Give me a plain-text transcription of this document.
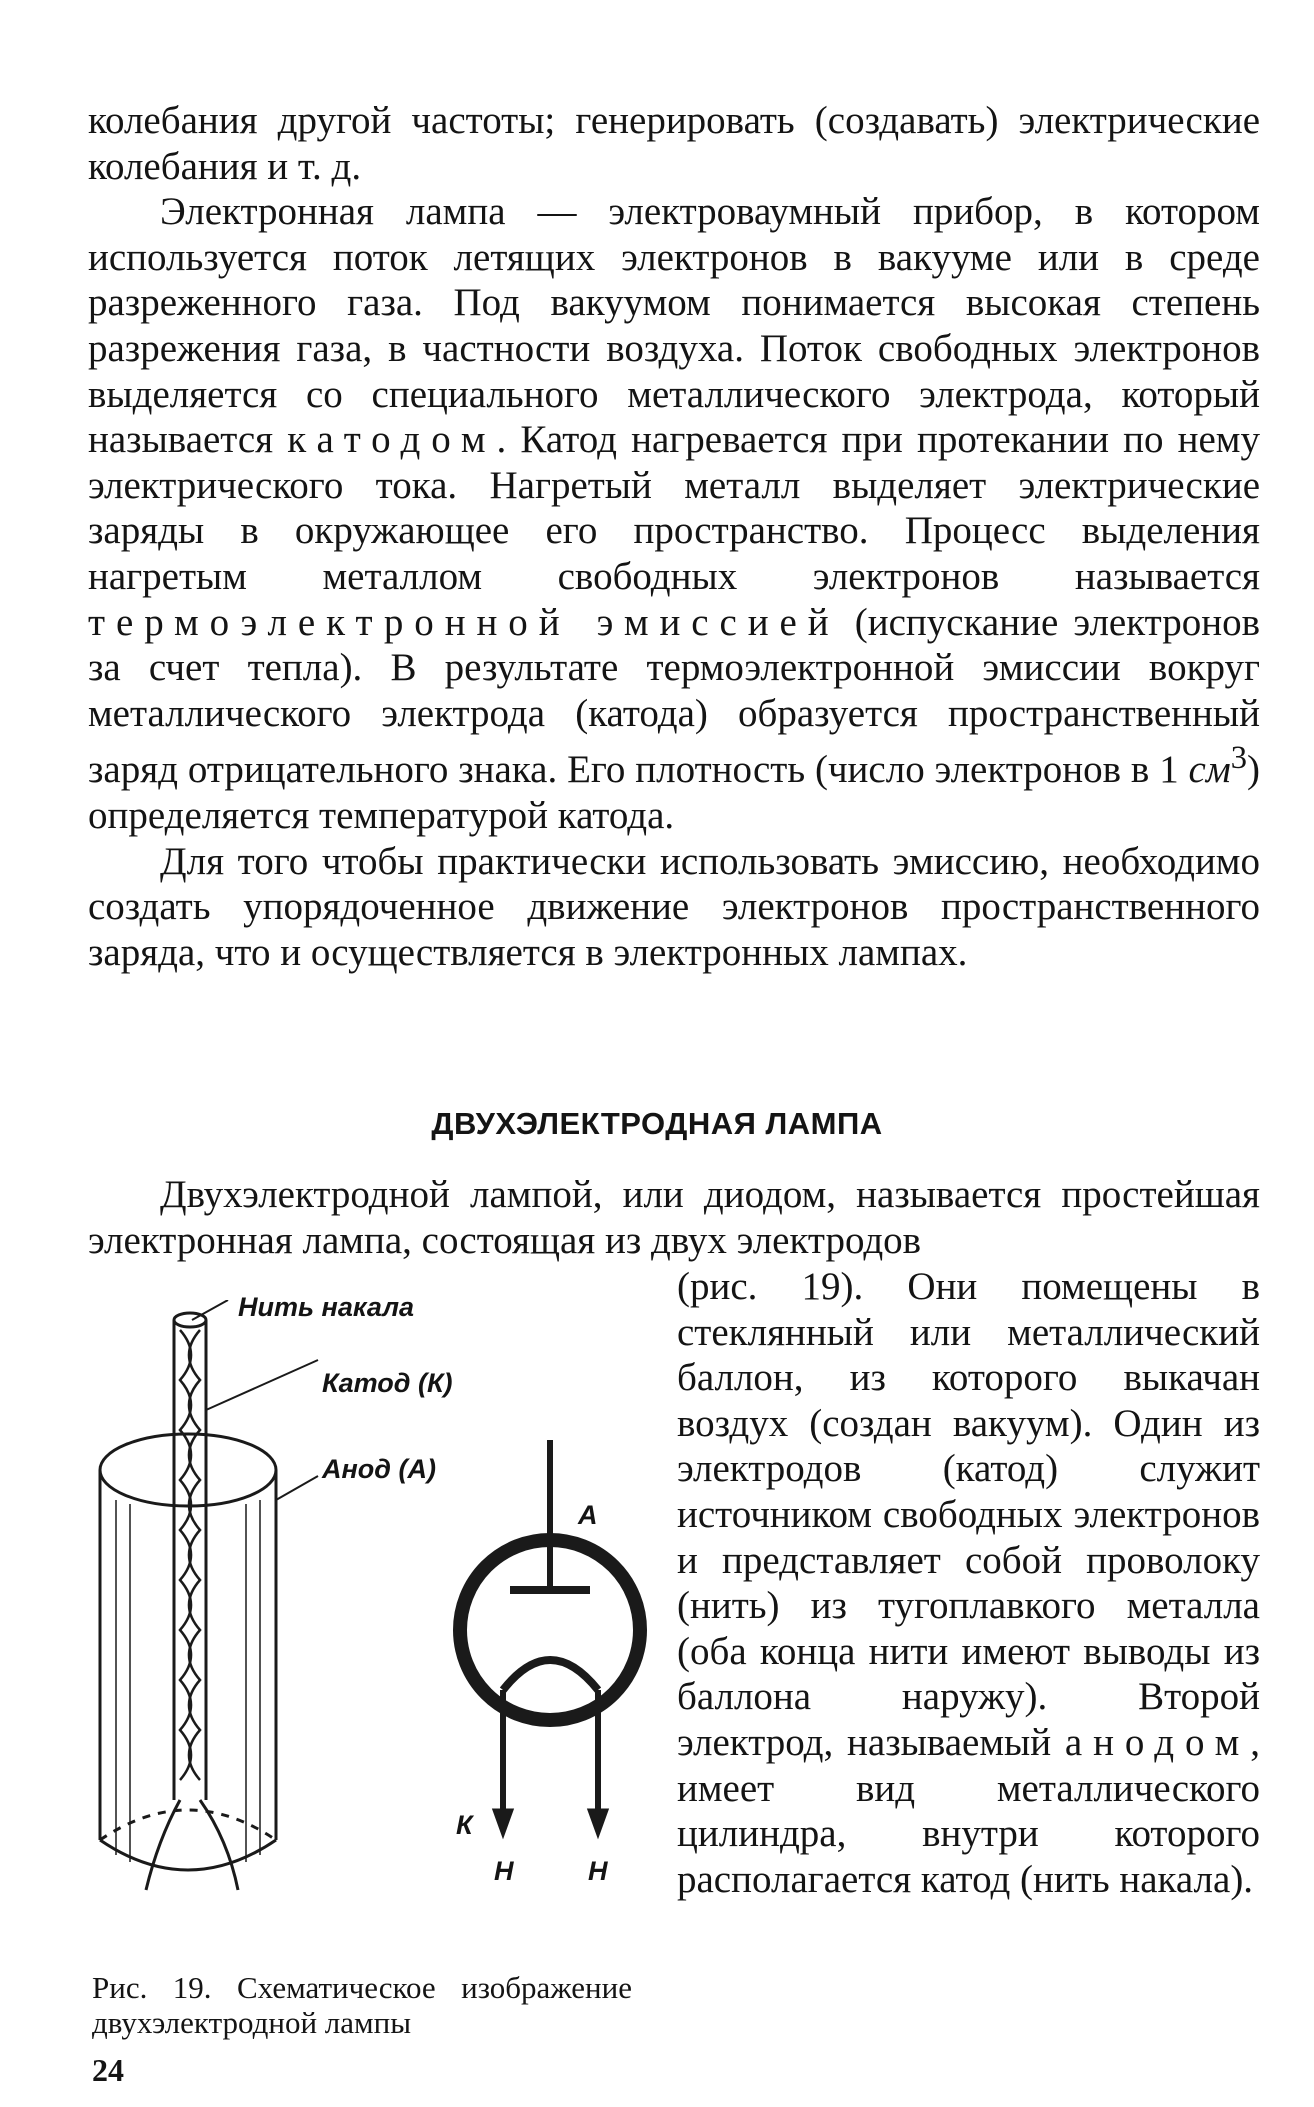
колебания другой частоты; генерировать (создавать) электрические колебания и т. д.

Электронная лампа — электроваумный прибор, в котором используется поток летящих электронов в вакууме или в среде разреженного газа. Под вакуумом понимается высокая степень разрежения газа, в частности воздуха. Поток свободных электронов выделяется со специального металлического электрода, который называется катодом. Катод нагревается при протекании по нему электрического тока. Нагретый металл выделяет электрические заряды в окружающее его пространство. Процесс выделения нагретым металлом свободных электронов называется термоэлектронной эмиссией (испускание электронов за счет тепла). В результате термоэлектронной эмиссии вокруг металлического электрода (катода) образуется пространственный заряд отрицательного знака. Его плотность (число электронов в 1 $см^3$) определяется температурой катода.

Для того чтобы практически использовать эмиссию, необходимо создать упорядоченное движение электронов пространственного заряда, что и осуществляется в электронных лампах.

ДВУХЭЛЕКТРОДНАЯ ЛАМПА

Двухэлектродной лампой, или диодом, называется простейшая электронная лампа, состоящая из двух электродов

(рис. 19). Они помещены в стеклянный или металлический баллон, из которого выкачан воздух (создан вакуум). Один из электродов (катод) служит источником свободных электронов и представляет собой проволоку (нить) из тугоплавкого металла (оба конца нити имеют выводы из баллона наружу). Второй электрод, называемый анодом, имеет вид металлического цилиндра, внутри которого располагается катод (нить накала).
Нить накала
Катод (К)
Анод (А)
А
К
Н	Н
Рис. 19. Схематическое изображение двухэлектродной лампы
24
